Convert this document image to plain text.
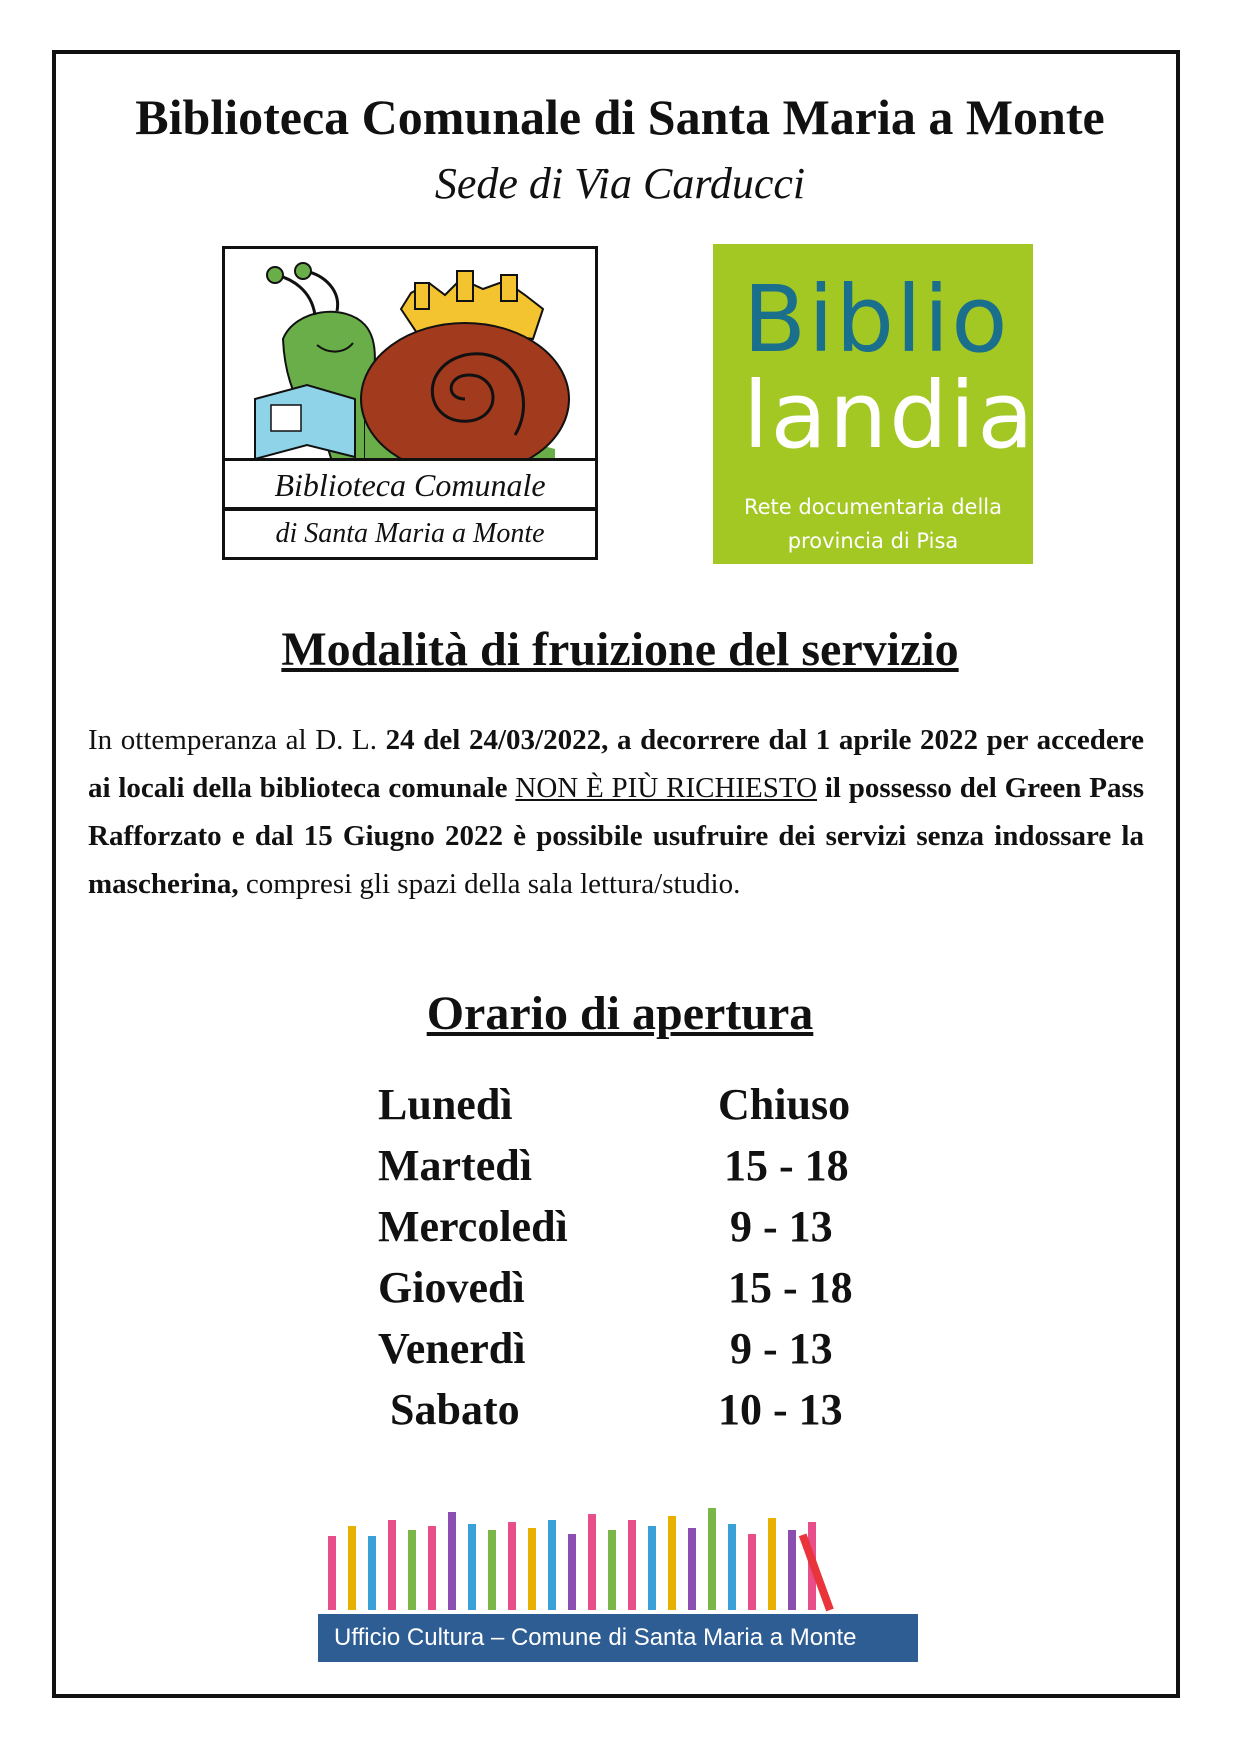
Biblioteca Comunale di Santa Maria a Monte
Sede di Via Carducci
Biblioteca Comunale
di Santa Maria a Monte
Biblio
landia
Rete documentaria della
provincia di Pisa
Modalità di fruizione del servizio

In ottemperanza al D. L. 24 del 24/03/2022, a decorrere dal 1 aprile 2022 per accedere ai locali della biblioteca comunale NON È PIÙ RICHIESTO il possesso del Green Pass Rafforzato e dal 15 Giugno 2022 è possibile usufruire dei servizi senza indossare la mascherina, compresi gli spazi della sala lettura/studio.

Orario di apertura
Lunedì	Chiuso
Martedì	15 - 18
Mercoledì	9 - 13
Giovedì	15 - 18
Venerdì	9 - 13
Sabato	10 - 13
Ufficio Cultura – Comune di Santa Maria a Monte
